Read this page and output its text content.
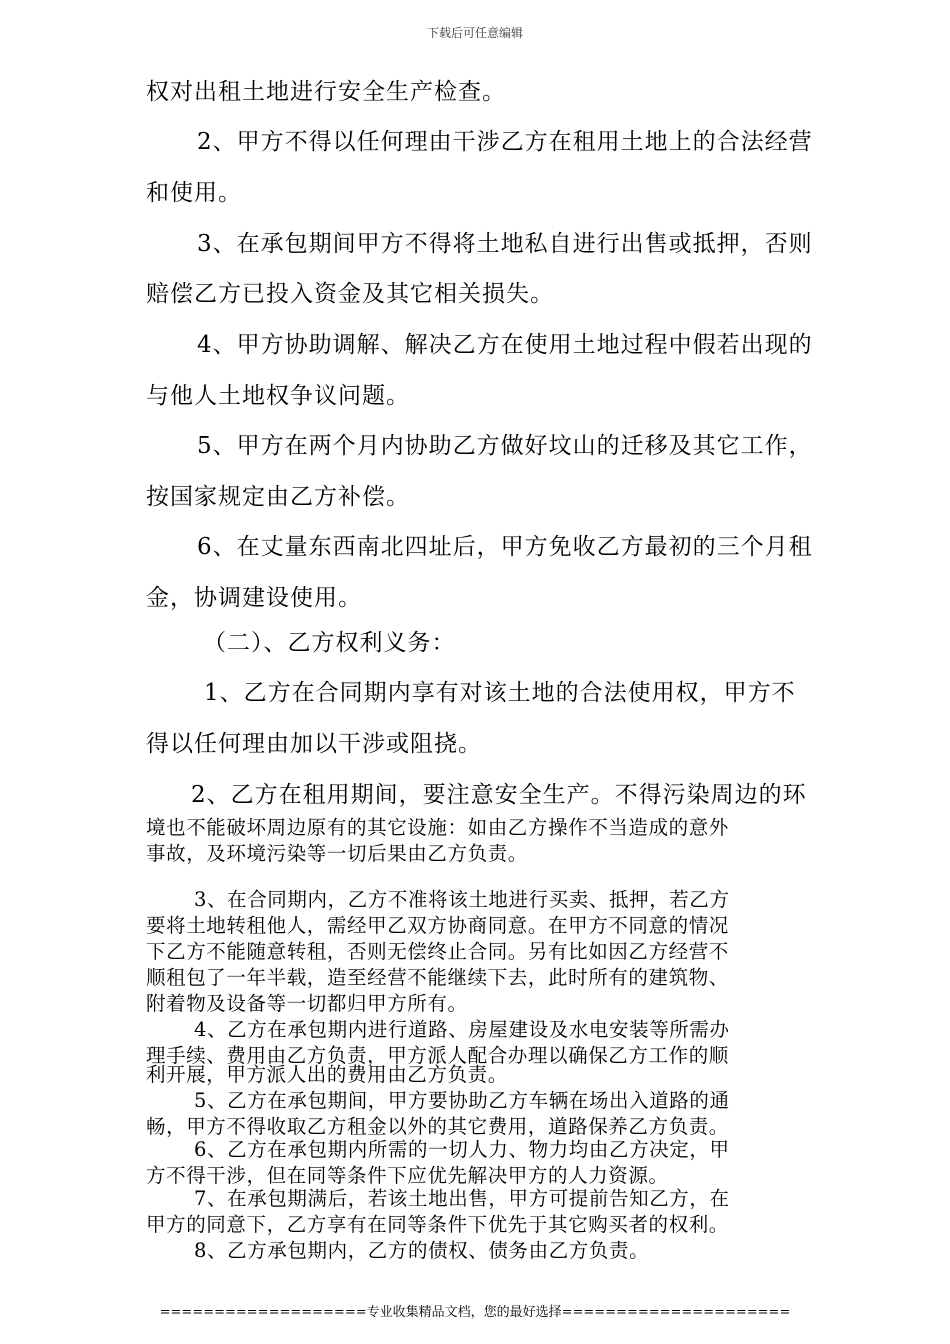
下载后可任意编辑
权对出租土地进行安全生产检查。
2、甲方不得以任何理由干涉乙方在租用土地上的合法经营
和使用。
3、在承包期间甲方不得将土地私自进行出售或抵押，否则
赔偿乙方已投入资金及其它相关损失。
4、甲方协助调解、解决乙方在使用土地过程中假若出现的
与他人土地权争议问题。
5、甲方在两个月内协助乙方做好坟山的迁移及其它工作，
按国家规定由乙方补偿。
6、在丈量东西南北四址后，甲方免收乙方最初的三个月租
金，协调建设使用。
（二）、乙方权利义务：
1、乙方在合同期内享有对该土地的合法使用权，甲方不
得以任何理由加以干涉或阻挠。
2、乙方在租用期间，要注意安全生产。不得污染周边的环
境也不能破坏周边原有的其它设施：如由乙方操作不当造成的意外
事故，及环境污染等一切后果由乙方负责。
3、在合同期内，乙方不准将该土地进行买卖、抵押，若乙方
要将土地转租他人，需经甲乙双方协商同意。在甲方不同意的情况
下乙方不能随意转租，否则无偿终止合同。另有比如因乙方经营不
顺租包了一年半载，造至经营不能继续下去，此时所有的建筑物、
附着物及设备等一切都归甲方所有。
4、乙方在承包期内进行道路、房屋建设及水电安装等所需办
理手续、费用由乙方负责，甲方派人配合办理以确保乙方工作的顺
利开展，甲方派人出的费用由乙方负责。
5、乙方在承包期间，甲方要协助乙方车辆在场出入道路的通
畅，甲方不得收取乙方租金以外的其它费用，道路保养乙方负责。
6、乙方在承包期内所需的一切人力、物力均由乙方决定，甲
方不得干涉，但在同等条件下应优先解决甲方的人力资源。
7、在承包期满后，若该土地出售，甲方可提前告知乙方，在
甲方的同意下，乙方享有在同等条件下优先于其它购买者的权利。
8、乙方承包期内，乙方的债权、债务由乙方负责。
===================专业收集精品文档，您的最好选择=====================
